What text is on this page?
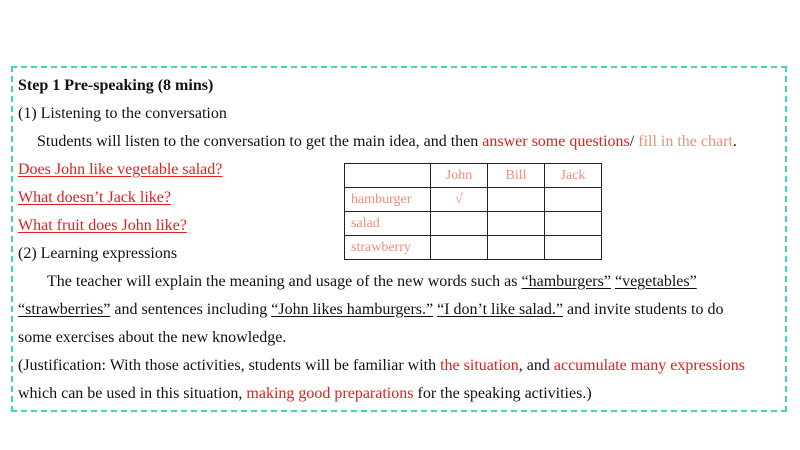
Step 1 Pre-speaking (8 mins)
(1) Listening to the conversation
Students will listen to the conversation to get the main idea, and then answer some questions/ fill in the chart.
Does John like vegetable salad?
What doesn’t Jack like?
What fruit does John like?
	John	Bill	Jack
hamburger	√		
salad			
strawberry			
(2) Learning expressions
The teacher will explain the meaning and usage of the new words such as “hamburgers” “vegetables”
“strawberries” and sentences including “John likes hamburgers.” “I don’t like salad.” and invite students to do
some exercises about the new knowledge.
(Justification: With those activities, students will be familiar with the situation, and accumulate many expressions
which can be used in this situation, making good preparations for the speaking activities.)
